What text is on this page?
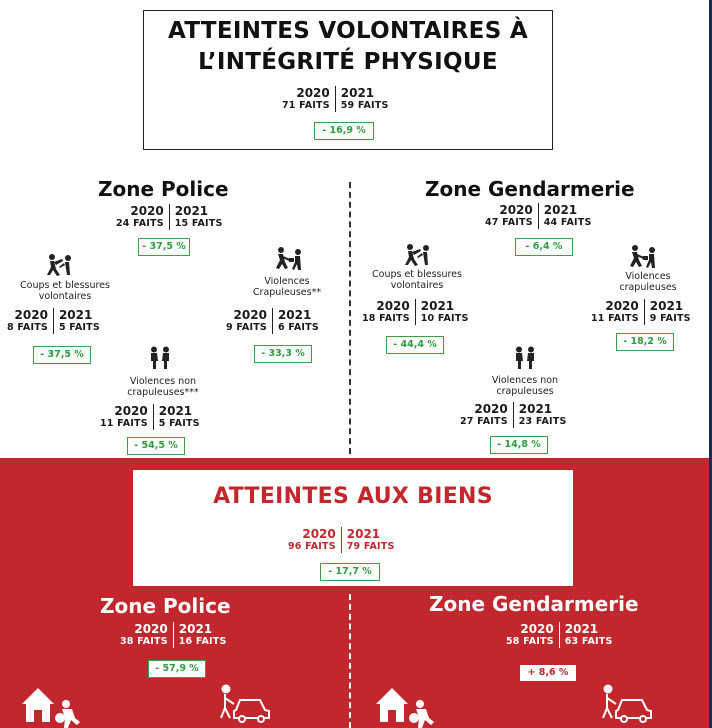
ATTEINTES VOLONTAIRES À
L’INTÉGRITÉ PHYSIQUE
2020
71 FAITS
2021
59 FAITS
- 16,9 %
Zone Police
2020
24 FAITS
2021
15 FAITS
- 37,5 %
Coups et blessures
volontaires
2020
8 FAITS
2021
5 FAITS
- 37,5 %
Violences
Crapuleuses**
2020
9 FAITS
2021
6 FAITS
- 33,3 %
Violences non
crapuleuses***
2020
11 FAITS
2021
5 FAITS
- 54,5 %
Zone Gendarmerie
2020
47 FAITS
2021
44 FAITS
- 6,4 %
Coups et blessures
volontaires
2020
18 FAITS
2021
10 FAITS
- 44,4 %
Violences
crapuleuses
2020
11 FAITS
2021
9 FAITS
- 18,2 %
Violences non
crapuleuses
2020
27 FAITS
2021
23 FAITS
- 14,8 %
ATTEINTES AUX BIENS
2020
96 FAITS
2021
79 FAITS
- 17,7 %
Zone Police
2020
38 FAITS
2021
16 FAITS
- 57,9 %
Zone Gendarmerie
2020
58 FAITS
2021
63 FAITS
+ 8,6 %
